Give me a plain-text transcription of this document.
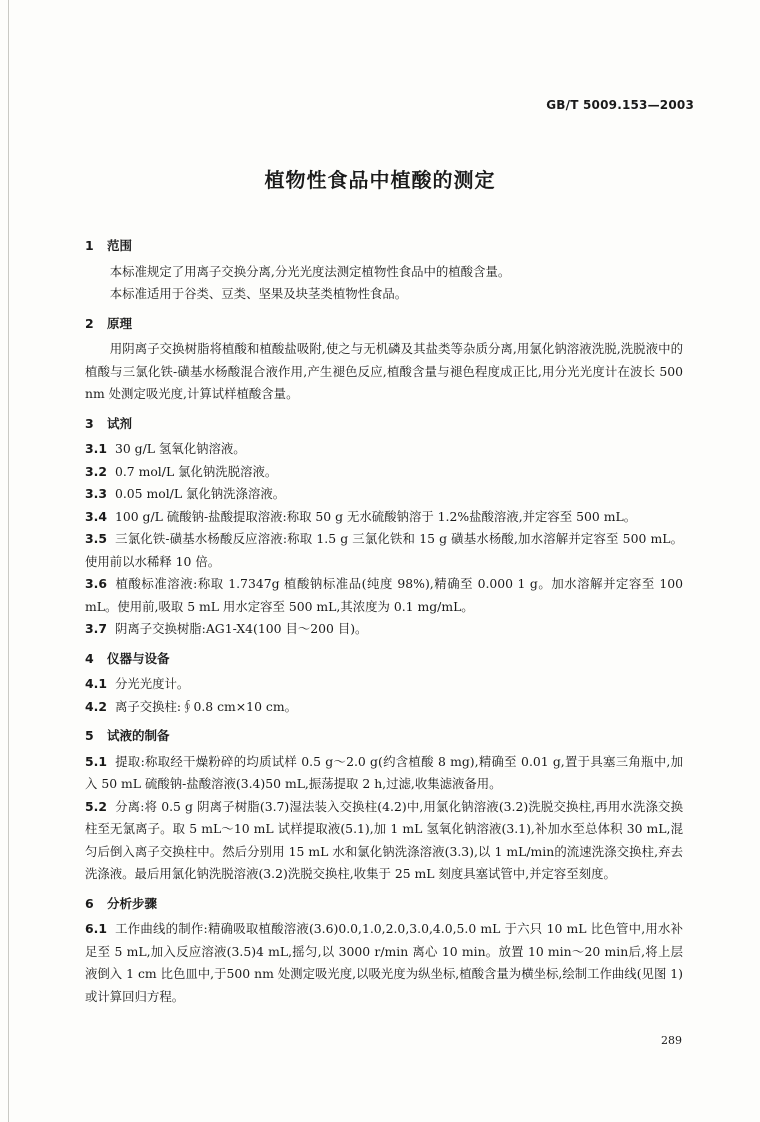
GB/T 5009.153—2003
植物性食品中植酸的测定
1 范围

本标准规定了用离子交换分离,分光光度法测定植物性食品中的植酸含量。

本标准适用于谷类、豆类、坚果及块茎类植物性食品。

2 原理

用阴离子交换树脂将植酸和植酸盐吸附,使之与无机磷及其盐类等杂质分离,用氯化钠溶液洗脱,洗脱液中的植酸与三氯化铁-磺基水杨酸混合液作用,产生褪色反应,植酸含量与褪色程度成正比,用分光光度计在波长 500 nm 处测定吸光度,计算试样植酸含量。

3 试剂

3.1 30 g/L 氢氧化钠溶液。

3.2 0.7 mol/L 氯化钠洗脱溶液。

3.3 0.05 mol/L 氯化钠洗涤溶液。

3.4 100 g/L 硫酸钠-盐酸提取溶液:称取 50 g 无水硫酸钠溶于 1.2%盐酸溶液,并定容至 500 mL。

3.5 三氯化铁-磺基水杨酸反应溶液:称取 1.5 g 三氯化铁和 15 g 磺基水杨酸,加水溶解并定容至 500 mL。使用前以水稀释 10 倍。

3.6 植酸标准溶液:称取 1.7347g 植酸钠标准品(纯度 98%),精确至 0.000 1 g。加水溶解并定容至 100 mL。使用前,吸取 5 mL 用水定容至 500 mL,其浓度为 0.1 mg/mL。

3.7 阴离子交换树脂:AG1-X4(100 目～200 目)。

4 仪器与设备

4.1 分光光度计。

4.2 离子交换柱:∮0.8 cm×10 cm。

5 试液的制备

5.1 提取:称取经干燥粉碎的均质试样 0.5 g～2.0 g(约含植酸 8 mg),精确至 0.01 g,置于具塞三角瓶中,加入 50 mL 硫酸钠-盐酸溶液(3.4)50 mL,振荡提取 2 h,过滤,收集滤液备用。

5.2 分离:将 0.5 g 阴离子树脂(3.7)湿法装入交换柱(4.2)中,用氯化钠溶液(3.2)洗脱交换柱,再用水洗涤交换柱至无氯离子。取 5 mL～10 mL 试样提取液(5.1),加 1 mL 氢氧化钠溶液(3.1),补加水至总体积 30 mL,混匀后倒入离子交换柱中。然后分别用 15 mL 水和氯化钠洗涤溶液(3.3),以 1 mL/min的流速洗涤交换柱,弃去洗涤液。最后用氯化钠洗脱溶液(3.2)洗脱交换柱,收集于 25 mL 刻度具塞试管中,并定容至刻度。

6 分析步骤

6.1 工作曲线的制作:精确吸取植酸溶液(3.6)0.0,1.0,2.0,3.0,4.0,5.0 mL 于六只 10 mL 比色管中,用水补足至 5 mL,加入反应溶液(3.5)4 mL,摇匀,以 3000 r/min 离心 10 min。放置 10 min～20 min后,将上层液倒入 1 cm 比色皿中,于500 nm 处测定吸光度,以吸光度为纵坐标,植酸含量为横坐标,绘制工作曲线(见图 1)或计算回归方程。

289
